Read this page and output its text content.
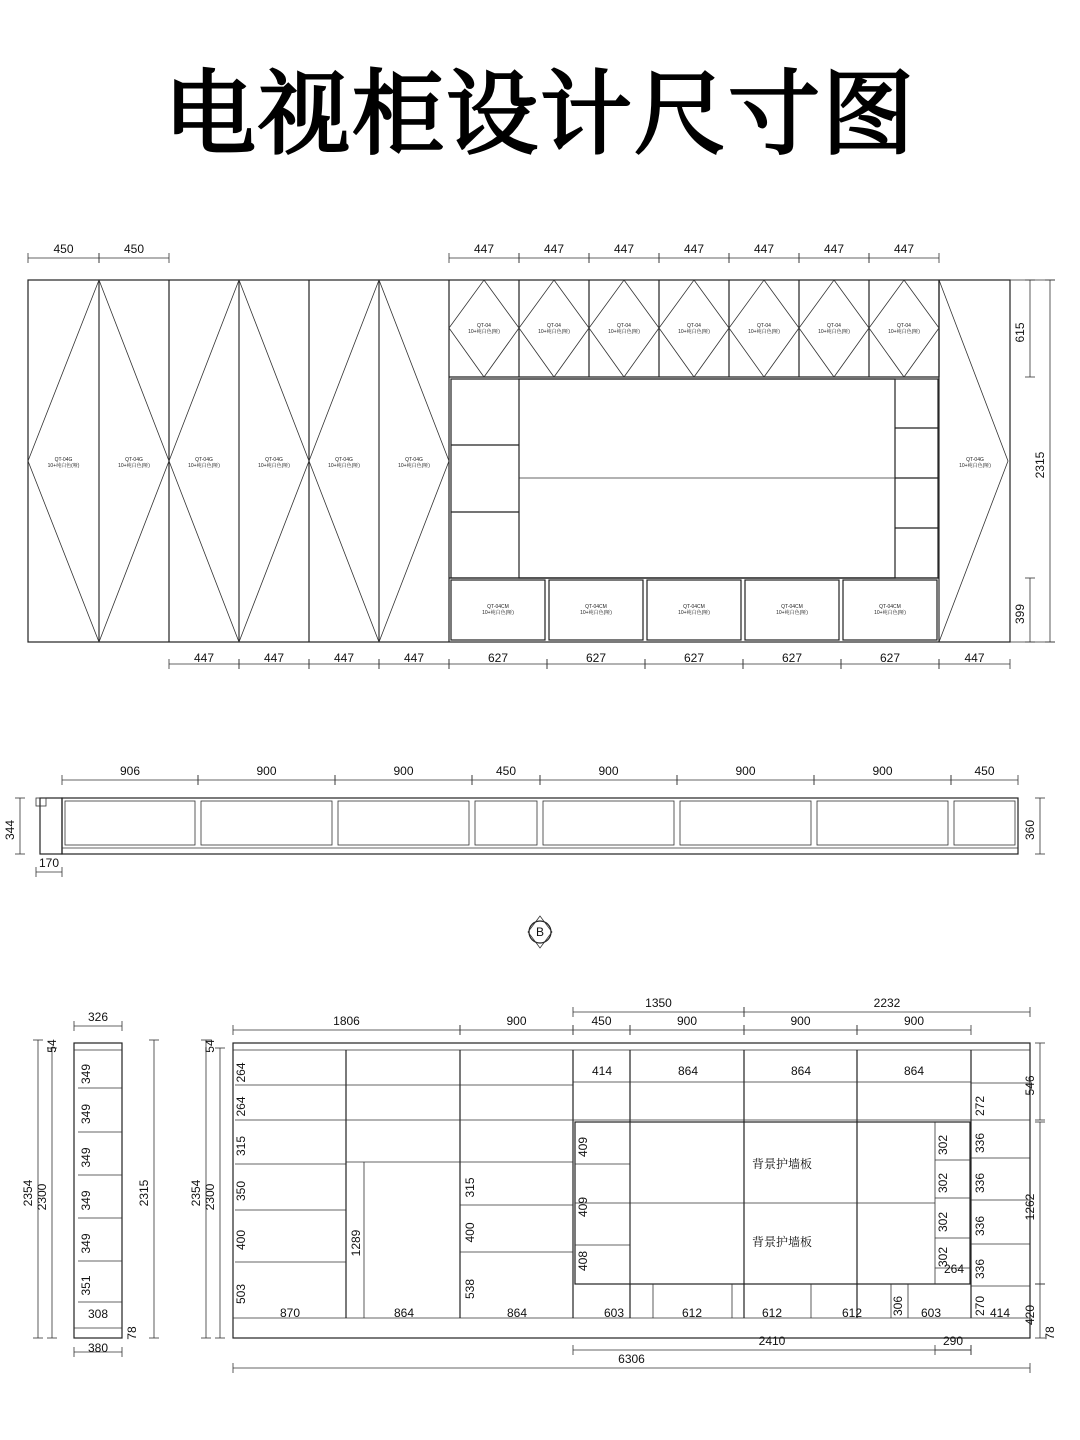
电视柜设计尺寸图
QT-04G 10+纯白色(哑)
QT-04G 10+纯白色(哑)
QT-04G 10+纯白色(哑)
QT-04G 10+纯白色(哑)
QT-04G 10+纯白色(哑)
QT-04G 10+纯白色(哑)
QT-04G 10+纯白色(哑)
QT-04 10+纯白色(哑)
QT-04 10+纯白色(哑)
QT-04 10+纯白色(哑)
QT-04 10+纯白色(哑)
QT-04 10+纯白色(哑)
QT-04 10+纯白色(哑)
QT-04 10+纯白色(哑)
QT-04CM 10+纯白色(哑)
QT-04CM 10+纯白色(哑)
QT-04CM 10+纯白色(哑)
QT-04CM 10+纯白色(哑)
QT-04CM 10+纯白色(哑)
450	450	447	447	447	447	447	447	447
447	447	447	447	627	627	627	627	627	447
615
2315
399
906	900	900	450	900	900	900	450
344	360
170
B
326
380
2354 2300	2315
54
349
349
349
349
349
351
308
78
背景护墙板
背景护墙板
1350	2232
1806	900	450	900	900	900
264
264
315
350
400
503
2354 2300
54
870	864	864
1289
315
400
538
414	864	864	864
409
409
408
302
302
302
302
264
272
336
336
336
336
270
603	612	612	612 306 603	414
546
1262
420
78
2410	290
6306
